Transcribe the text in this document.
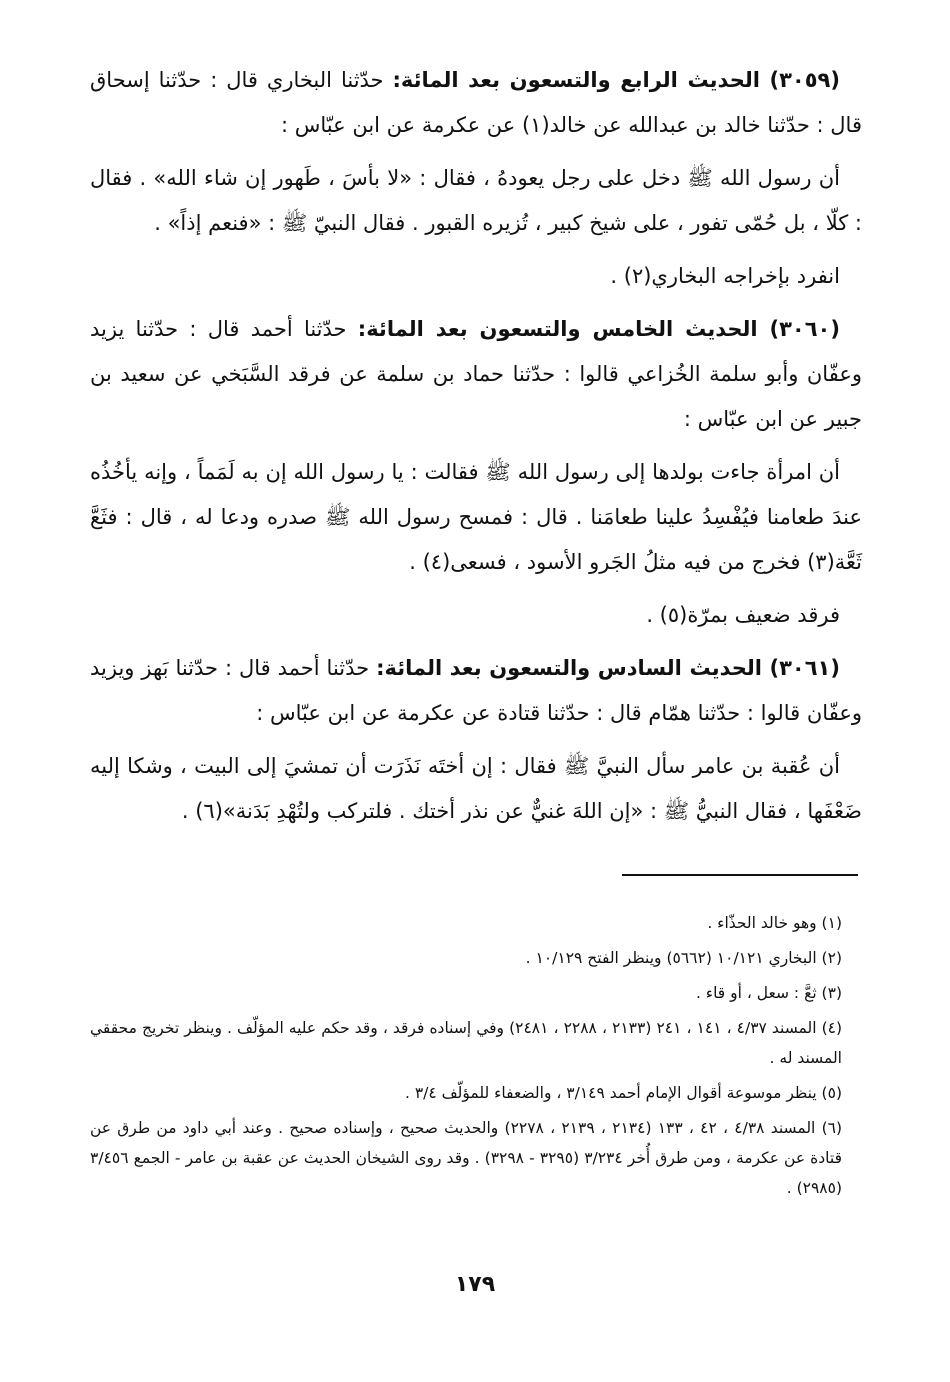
(٣٠٥٩) الحديث الرابع والتسعون بعد المائة: حدّثنا البخاري قال : حدّثنا إسحاق قال : حدّثنا خالد بن عبدالله عن خالد(١) عن عكرمة عن ابن عبّاس :

أن رسول الله ﷺ دخل على رجل يعودهُ ، فقال : «لا بأسَ ، طَهور إن شاء الله» . فقال : كلّا ، بل حُمّى تفور ، على شيخ كبير ، تُزيره القبور . فقال النبيّ ﷺ : «فنعم إذاً» .

انفرد بإخراجه البخاري(٢) .

(٣٠٦٠) الحديث الخامس والتسعون بعد المائة: حدّثنا أحمد قال : حدّثنا يزيد وعفّان وأبو سلمة الخُزاعي قالوا : حدّثنا حماد بن سلمة عن فرقد السَّبَخي عن سعيد بن جبير عن ابن عبّاس :

أن امرأة جاءت بولدها إلى رسول الله ﷺ فقالت : يا رسول الله إن به لَمَماً ، وإنه يأخُذُه عندَ طعامنا فيُفْسِدُ علينا طعامَنا . قال : فمسح رسول الله ﷺ صدره ودعا له ، قال : فثَعَّ ثَعَّة(٣) فخرج من فيه مثلُ الجَرو الأسود ، فسعى(٤) .

فرقد ضعيف بمرّة(٥) .

(٣٠٦١) الحديث السادس والتسعون بعد المائة: حدّثنا أحمد قال : حدّثنا بَهز ويزيد وعفّان قالوا : حدّثنا همّام قال : حدّثنا قتادة عن عكرمة عن ابن عبّاس :

أن عُقبة بن عامر سأل النبيَّ ﷺ فقال : إن أختَه نَذَرَت أن تمشيَ إلى البيت ، وشكا إليه ضَعْفَها ، فقال النبيُّ ﷺ : «إن اللهَ غنيٌّ عن نذر أختك . فلتركب ولتُهْدِ بَدَنة»(٦) .

(١) وهو خالد الحذّاء .

(٢) البخاري ١٠/١٢١ (٥٦٦٢) وينظر الفتح ١٠/١٢٩ .

(٣) ثعَّ : سعل ، أو قاء .

(٤) المسند ٤/٣٧ ، ١٤١ ، ٢٤١ (٢١٣٣ ، ٢٢٨٨ ، ٢٤٨١) وفي إسناده فرقد ، وقد حكم عليه المؤلّف . وينظر تخريج محققي المسند له .

(٥) ينظر موسوعة أقوال الإمام أحمد ٣/١٤٩ ، والضعفاء للمؤلّف ٣/٤ .

(٦) المسند ٤/٣٨ ، ٤٢ ، ١٣٣ (٢١٣٤ ، ٢١٣٩ ، ٢٢٧٨) والحديث صحيح ، وإسناده صحيح . وعند أبي داود من طرق عن قتادة عن عكرمة ، ومن طرق أُخر ٣/٢٣٤ (٣٢٩٥ - ٣٢٩٨) . وقد روى الشيخان الحديث عن عقبة بن عامر - الجمع ٣/٤٥٦ (٢٩٨٥) .

١٧٩
